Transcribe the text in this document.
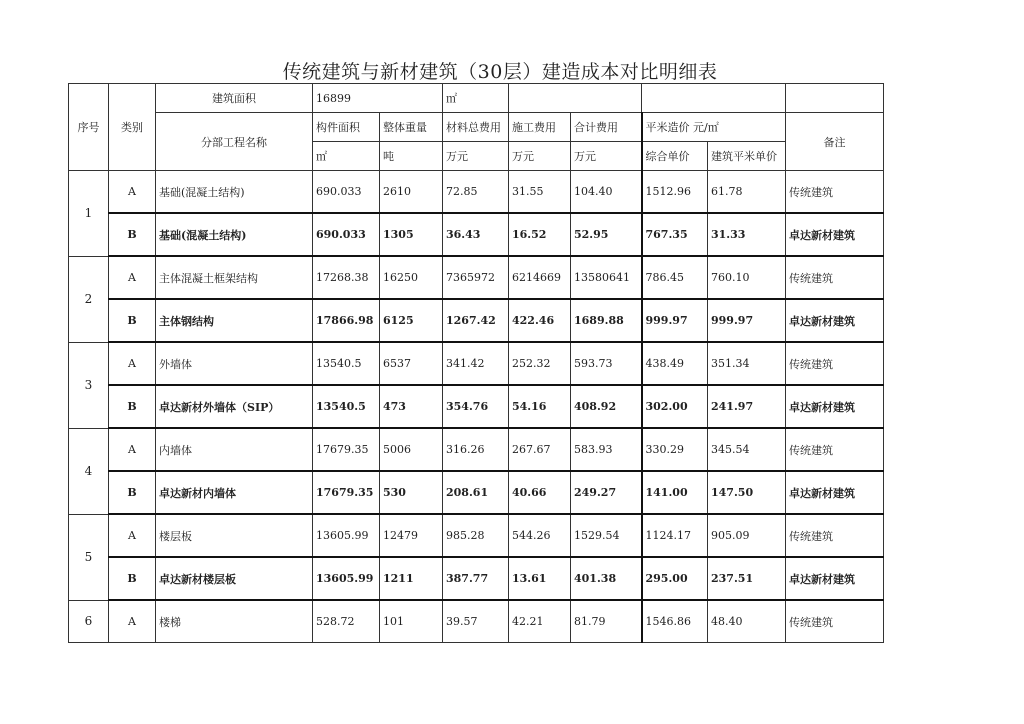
传统建筑与新材建筑（30层）建造成本对比明细表
序号	类别	建筑面积	16899		㎡					
		分部工程名称	构件面积	整体重量	材料总费用	施工费用	合计费用	平米造价 元/㎡		备注
			㎡	吨	万元	万元	万元	综合单价	建筑平米单价	
1	A	基础(混凝土结构)	690.033	2610	72.85	31.55	104.40	1512.96	61.78	传统建筑
	B	基础(混凝土结构)	690.033	1305	36.43	16.52	52.95	767.35	31.33	卓达新材建筑
2	A	主体混凝土框架结构	17268.38	16250	7365972	6214669	13580641	786.45	760.10	传统建筑
	B	主体钢结构	17866.98	6125	1267.42	422.46	1689.88	999.97	999.97	卓达新材建筑
3	A	外墙体	13540.5	6537	341.42	252.32	593.73	438.49	351.34	传统建筑
	B	卓达新材外墙体（SIP）	13540.5	473	354.76	54.16	408.92	302.00	241.97	卓达新材建筑
4	A	内墙体	17679.35	5006	316.26	267.67	583.93	330.29	345.54	传统建筑
	B	卓达新材内墙体	17679.35	530	208.61	40.66	249.27	141.00	147.50	卓达新材建筑
5	A	楼层板	13605.99	12479	985.28	544.26	1529.54	1124.17	905.09	传统建筑
	B	卓达新材楼层板	13605.99	1211	387.77	13.61	401.38	295.00	237.51	卓达新材建筑
6	A	楼梯	528.72	101	39.57	42.21	81.79	1546.86	48.40	传统建筑
